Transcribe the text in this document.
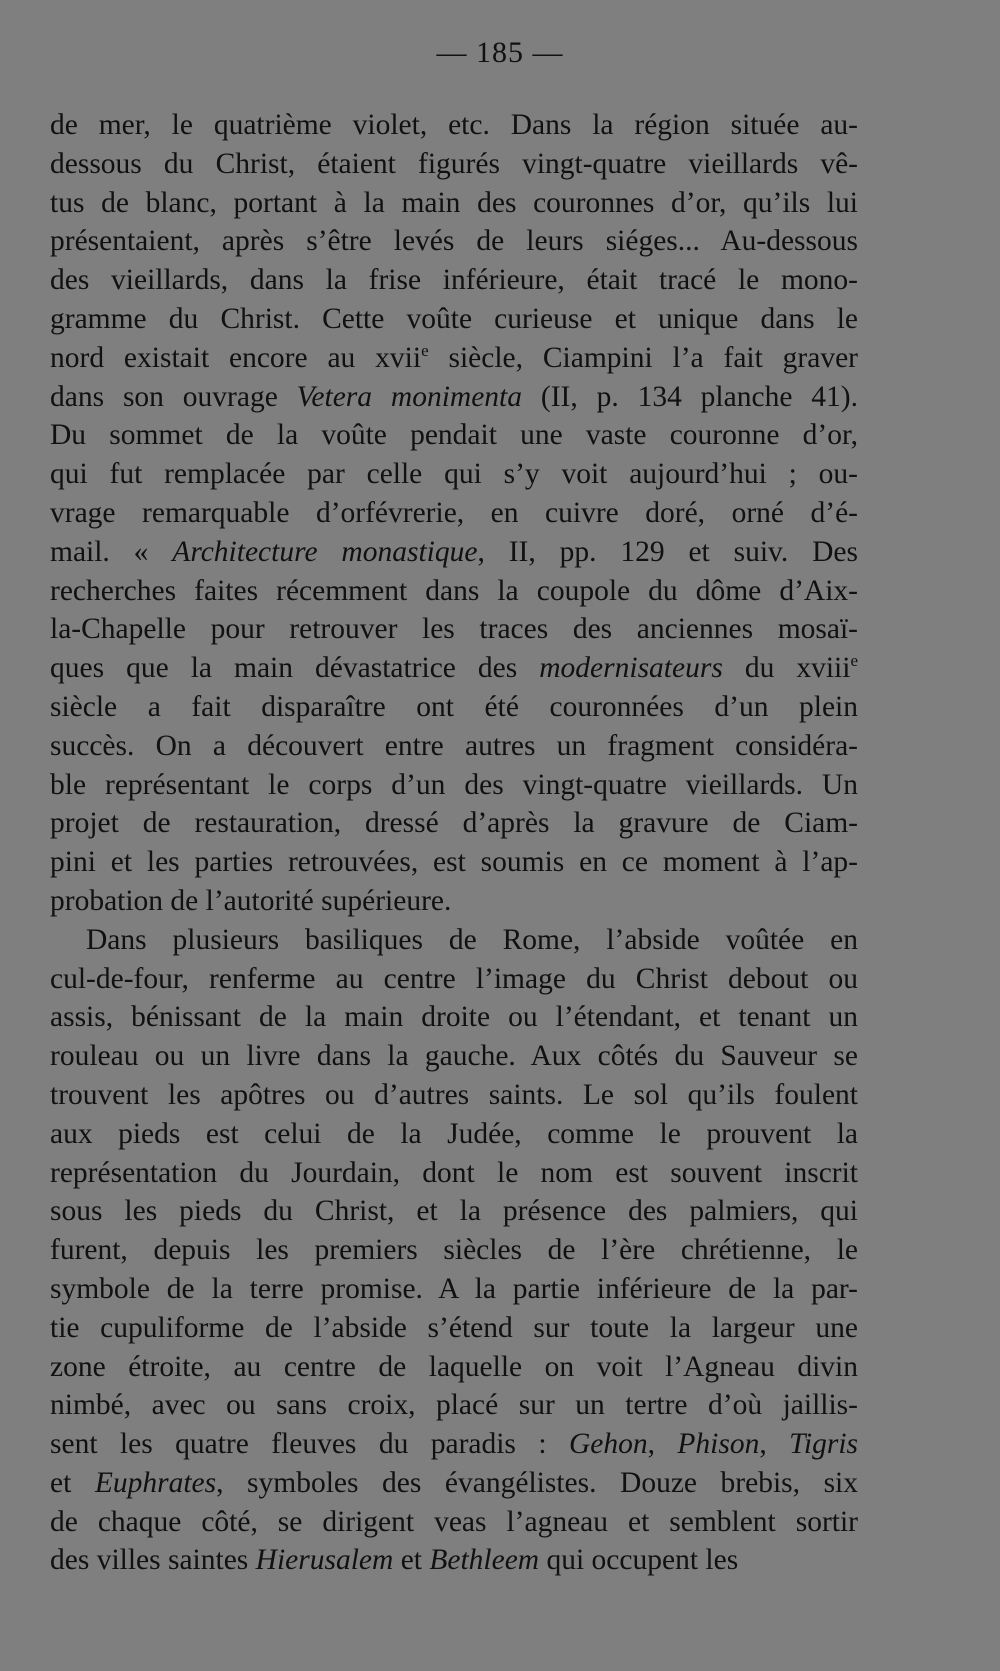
— 185 —
de mer, le quatrième violet, etc. Dans la région située au-
dessous du Christ, étaient figurés vingt-quatre vieillards vê-
tus de blanc, portant à la main des couronnes d’or, qu’ils lui
présentaient, après s’être levés de leurs siéges... Au-dessous
des vieillards, dans la frise inférieure, était tracé le mono-
gramme du Christ. Cette voûte curieuse et unique dans le
nord existait encore au xvii$^e$ siècle, Ciampini l’a fait graver
dans son ouvrage Vetera monimenta (II, p. 134 planche 41).
Du sommet de la voûte pendait une vaste couronne d’or,
qui fut remplacée par celle qui s’y voit aujourd’hui ; ou-
vrage remarquable d’orfévrerie, en cuivre doré, orné d’é-
mail. « Architecture monastique, II, pp. 129 et suiv. Des
recherches faites récemment dans la coupole du dôme d’Aix-
la-Chapelle pour retrouver les traces des anciennes mosaï-
ques que la main dévastatrice des modernisateurs du xviii$^e$
siècle a fait disparaître ont été couronnées d’un plein
succès. On a découvert entre autres un fragment considéra-
ble représentant le corps d’un des vingt-quatre vieillards. Un
projet de restauration, dressé d’après la gravure de Ciam-
pini et les parties retrouvées, est soumis en ce moment à l’ap-
probation de l’autorité supérieure.
Dans plusieurs basiliques de Rome, l’abside voûtée en
cul-de-four, renferme au centre l’image du Christ debout ou
assis, bénissant de la main droite ou l’étendant, et tenant un
rouleau ou un livre dans la gauche. Aux côtés du Sauveur se
trouvent les apôtres ou d’autres saints. Le sol qu’ils foulent
aux pieds est celui de la Judée, comme le prouvent la
représentation du Jourdain, dont le nom est souvent inscrit
sous les pieds du Christ, et la présence des palmiers, qui
furent, depuis les premiers siècles de l’ère chrétienne, le
symbole de la terre promise. A la partie inférieure de la par-
tie cupuliforme de l’abside s’étend sur toute la largeur une
zone étroite, au centre de laquelle on voit l’Agneau divin
nimbé, avec ou sans croix, placé sur un tertre d’où jaillis-
sent les quatre fleuves du paradis : Gehon, Phison, Tigris
et Euphrates, symboles des évangélistes. Douze brebis, six
de chaque côté, se dirigent veas l’agneau et semblent sortir
des villes saintes Hierusalem et Bethleem qui occupent les
